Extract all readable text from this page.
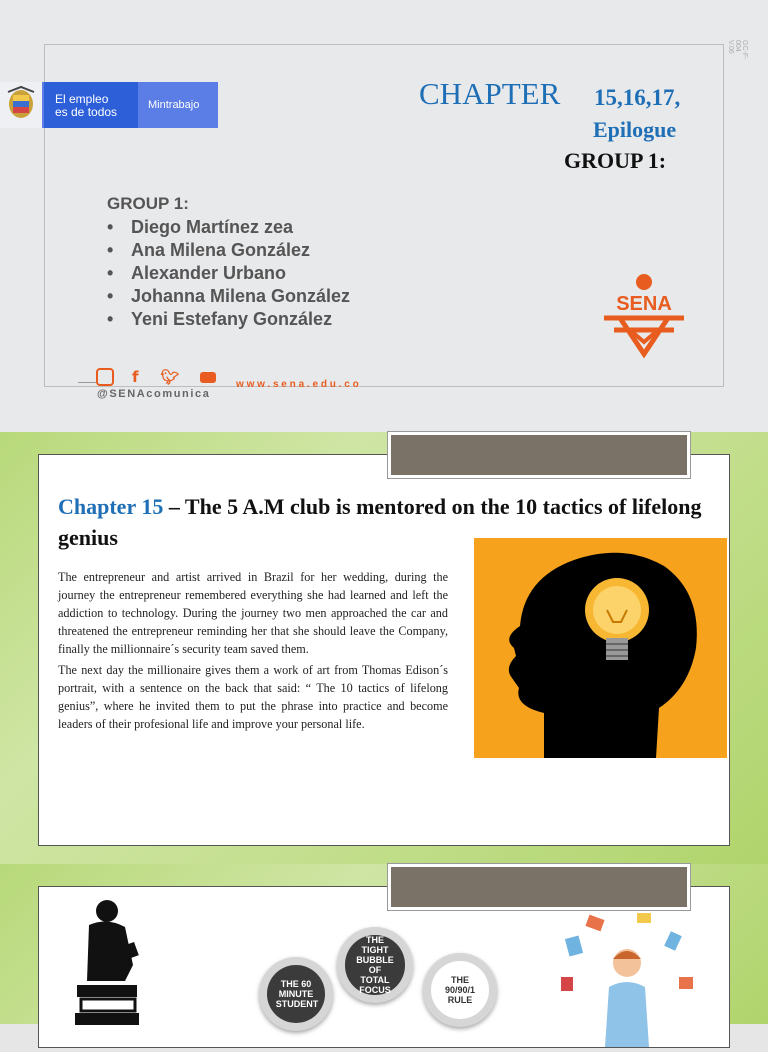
El empleo
es de todos	Mintrabajo	CHAPTER 15,16,17,
Epilogue
GROUP 1:
GROUP 1:
• Diego Martínez zea
• Ana Milena González
• Alexander Urbano
• Johanna Milena González
• Yeni Estefany González
SENA
f 🐦︎
@SENAcomunica
www.sena.edu.co
GC-F-004 V.06
Chapter 15 – The 5 A.M club is mentored on the 10 tactics of lifelong genius

The entrepreneur and artist arrived in Brazil for her wedding, during the journey the entrepreneur remembered everything she had learned and left the addiction to technology. During the journey two men approached the car and threatened the entrepreneur reminding her that she should leave the Company, finally the millionnaire´s security team saved them.

The next day the millionaire gives them a work of art from Thomas Edison´s portrait, with a sentence on the back that said: “ The 10 tactics of lifelong genius”, where he invited them to put the phrase into practice and become leaders of their profesional life and improve your personal life.

THE 60 MINUTE STUDENT
THE TIGHT BUBBLE OF TOTAL FOCUS
THE 90/90/1 RULE
